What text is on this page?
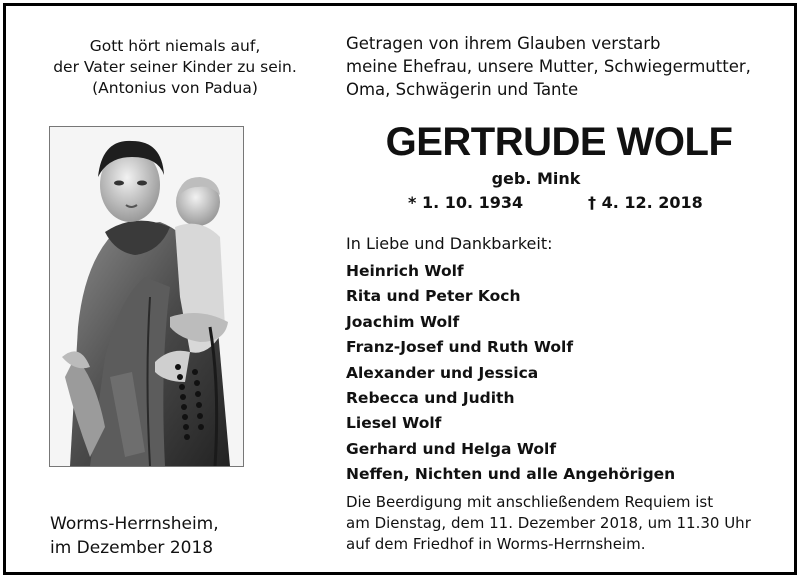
Gott hört niemals auf,
der Vater seiner Kinder zu sein.
(Antonius von Padua)
Worms-Herrnsheim,
im Dezember 2018
Getragen von ihrem Glauben verstarb
meine Ehefrau, unsere Mutter, Schwiegermutter,
Oma, Schwägerin und Tante
GERTRUDE WOLF
geb. Mink
* 1. 10. 1934	† 4. 12. 2018
In Liebe und Dankbarkeit:
Heinrich Wolf
Rita und Peter Koch
Joachim Wolf
Franz-Josef und Ruth Wolf
Alexander und Jessica
Rebecca und Judith
Liesel Wolf
Gerhard und Helga Wolf
Neffen, Nichten und alle Angehörigen
Die Beerdigung mit anschließendem Requiem ist
am Dienstag, dem 11. Dezember 2018, um 11.30 Uhr
auf dem Friedhof in Worms-Herrnsheim.
